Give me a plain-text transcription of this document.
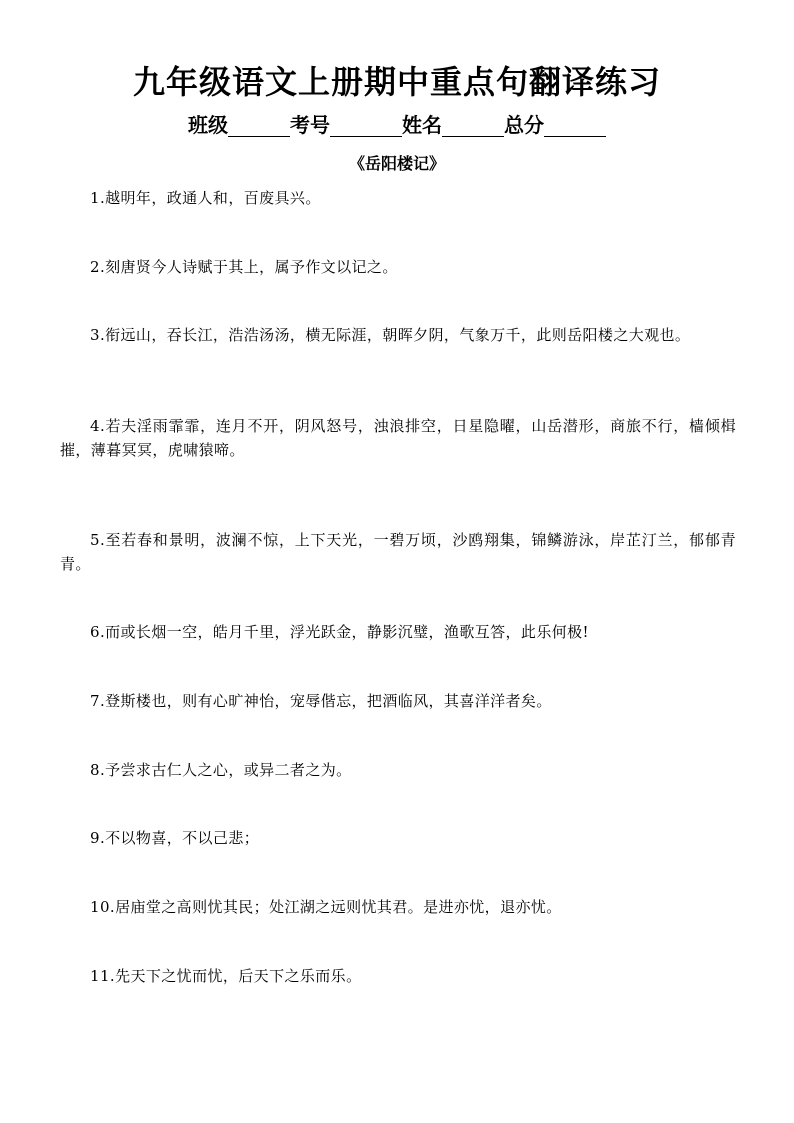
九年级语文上册期中重点句翻译练习
班级	考号	姓名	总分
《岳阳楼记》
1.越明年，政通人和，百废具兴。
2.刻唐贤今人诗赋于其上，属予作文以记之。
3.衔远山，吞长江，浩浩汤汤，横无际涯，朝晖夕阴，气象万千，此则岳阳楼之大观也。
4.若夫淫雨霏霏，连月不开，阴风怒号，浊浪排空，日星隐曜，山岳潜形，商旅不行，樯倾楫摧，薄暮冥冥，虎啸猿啼。
5.至若春和景明，波澜不惊，上下天光，一碧万顷，沙鸥翔集，锦鳞游泳，岸芷汀兰，郁郁青青。
6.而或长烟一空，皓月千里，浮光跃金，静影沉璧，渔歌互答，此乐何极!
7.登斯楼也，则有心旷神怡，宠辱偕忘，把酒临风，其喜洋洋者矣。
8.予尝求古仁人之心，或异二者之为。
9.不以物喜，不以己悲；
10.居庙堂之高则忧其民；处江湖之远则忧其君。是进亦忧，退亦忧。
11.先天下之忧而忧，后天下之乐而乐。
